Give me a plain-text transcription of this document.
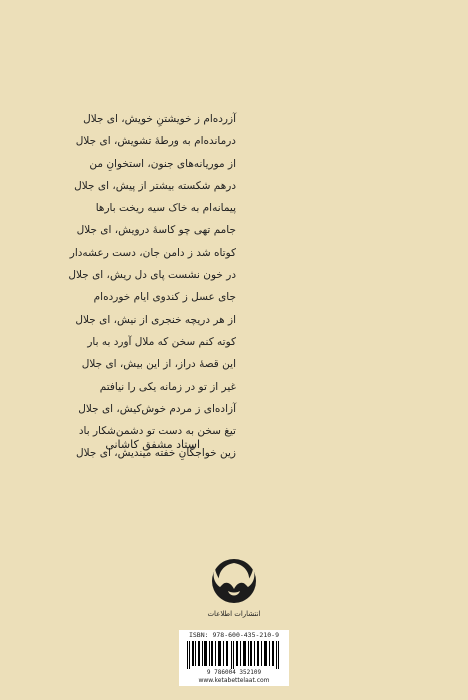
آزرده‌ام ز خویشتنِ خویش، ای جلال
درمانده‌ام به ورطهٔ تشویش، ای جلال
از موریانه‌های جنون، استخوانِ من
درهم شکسته بیشتر از پیش، ای جلال
پیمانه‌ام به خاک سیه ریخت بارها
جامم تهی چو کاسهٔ درویش، ای جلال
کوتاه شد ز دامن جان، دست رعشه‌دار
در خون نشست پای دل ریش، ای جلال
جای عسل ز کندوی ایام خورده‌ام
از هر دریچه خنجری از نیش، ای جلال
کوته کنم سخن که ملال آورد به بار
این قصهٔ دراز، از این بیش، ای جلال
غیر از تو در زمانه یکی را نیافتم
آزاده‌ای ز مردم خوش‌کیش، ای جلال
تیغ سخن به دست تو دشمن‌شکار باد
زین خواجگانِ خفته میندیش، ای جلال
استاد مشفق کاشانی
انتشارات اطلاعات
ISBN: 978-600-435-210-9
9 786004 352109
www.ketabettelaat.com
